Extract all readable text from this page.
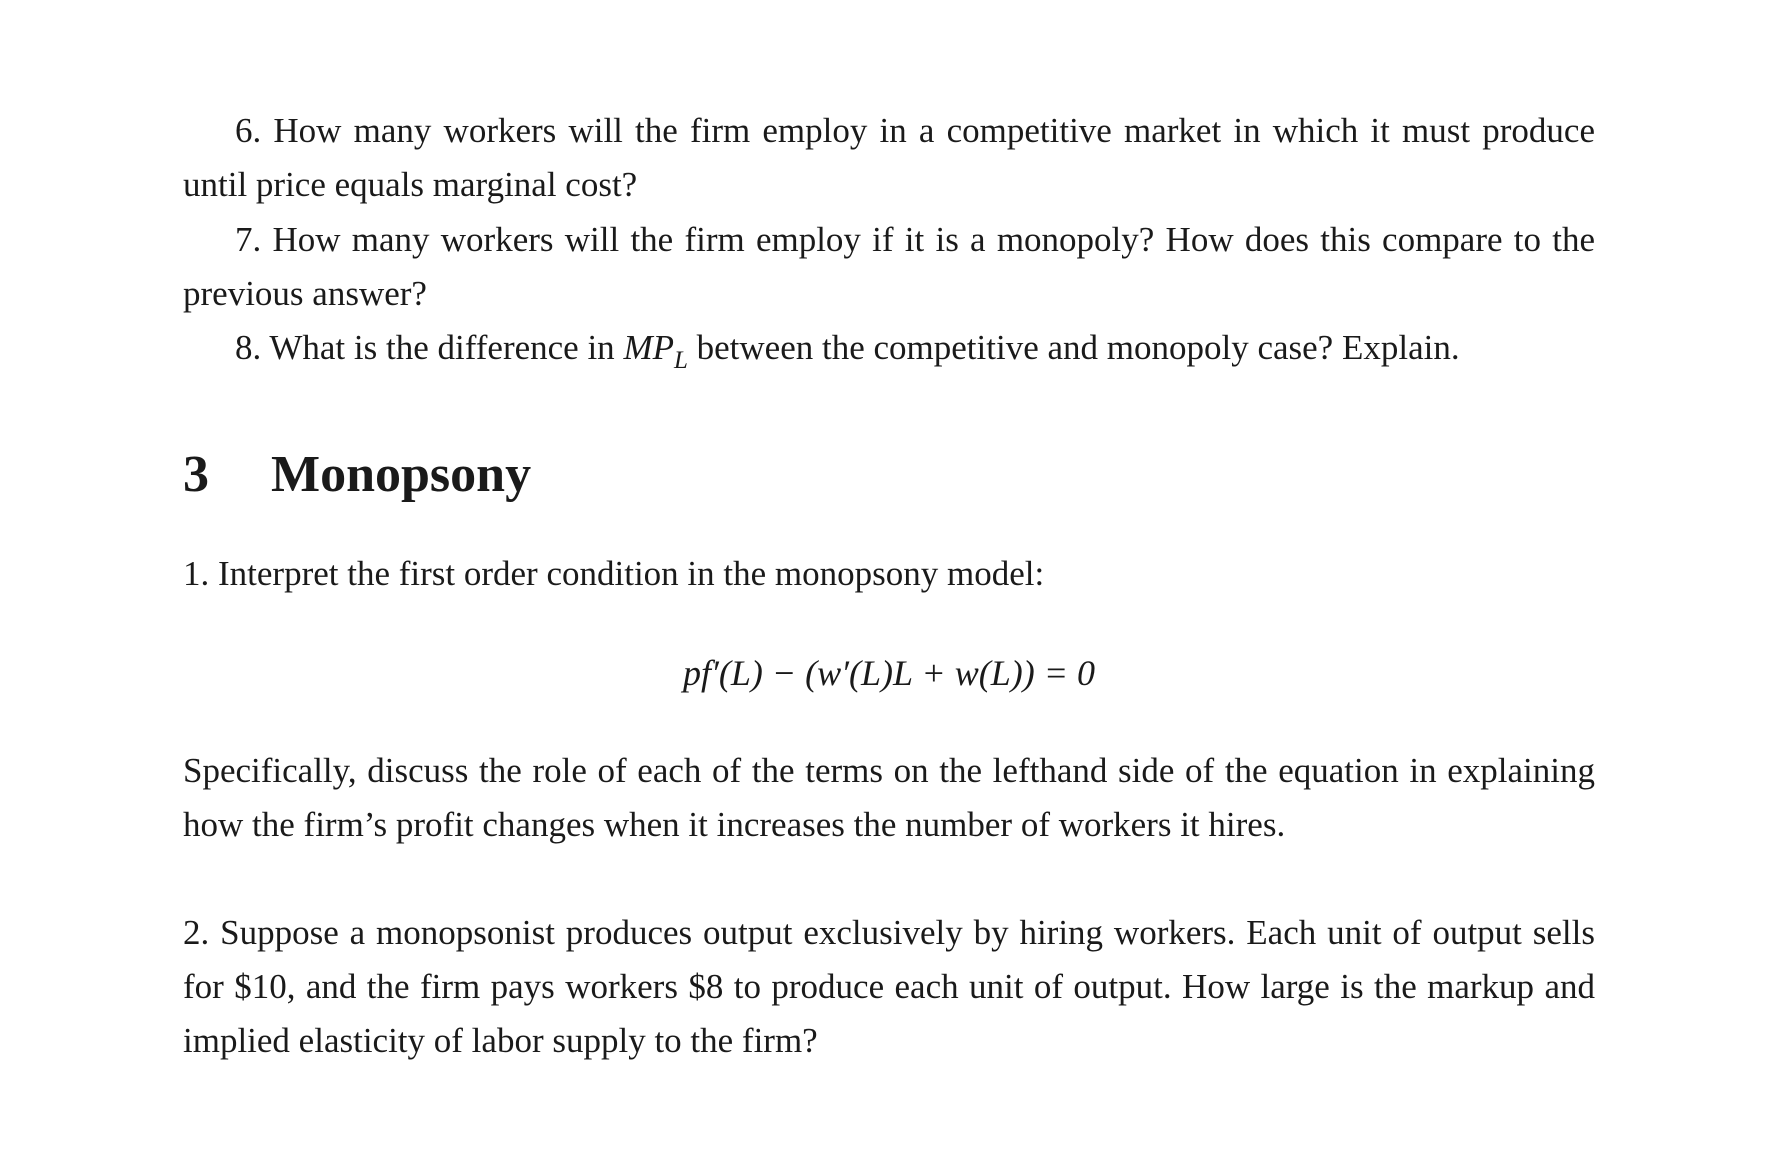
6. How many workers will the firm employ in a competitive market in which it must produce until price equals marginal cost?
7. How many workers will the firm employ if it is a monopoly? How does this compare to the previous answer?
8. What is the difference in $MP_L$ between the competitive and monopoly case? Explain.
3 Monopsony
1. Interpret the first order condition in the monopsony model:
pf′(L) − (w′(L)L + w(L)) = 0
Specifically, discuss the role of each of the terms on the lefthand side of the equation in explaining how the firm’s profit changes when it increases the number of workers it hires.
2. Suppose a monopsonist produces output exclusively by hiring workers. Each unit of output sells for $10, and the firm pays workers $8 to produce each unit of output. How large is the markup and implied elasticity of labor supply to the firm?
